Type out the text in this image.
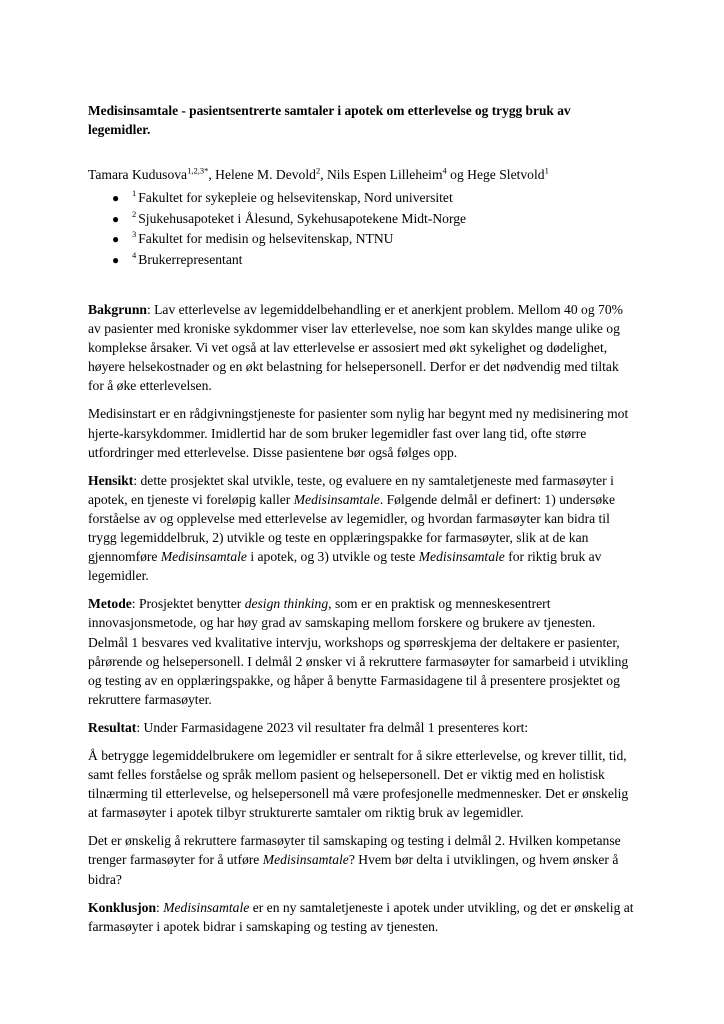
Medisinsamtale - pasientsentrerte samtaler i apotek om etterlevelse og trygg bruk av legemidler.
Tamara Kudusova$^{1,2,3*}$, Helene M. Devold$^2$, Nils Espen Lilleheim$^4$ og Hege Sletvold$^1$
● $^1$ Fakultet for sykepleie og helsevitenskap, Nord universitet
● $^2$ Sjukehusapoteket i Ålesund, Sykehusapotekene Midt-Norge
● $^3$ Fakultet for medisin og helsevitenskap, NTNU
● $^4$ Brukerrepresentant

Bakgrunn: Lav etterlevelse av legemiddelbehandling er et anerkjent problem. Mellom 40 og 70% av pasienter med kroniske sykdommer viser lav etterlevelse, noe som kan skyldes mange ulike og komplekse årsaker. Vi vet også at lav etterlevelse er assosiert med økt sykelighet og dødelighet, høyere helsekostnader og en økt belastning for helsepersonell. Derfor er det nødvendig med tiltak for å øke etterlevelsen.

Medisinstart er en rådgivningstjeneste for pasienter som nylig har begynt med ny medisinering mot hjerte-karsykdommer. Imidlertid har de som bruker legemidler fast over lang tid, ofte større utfordringer med etterlevelse. Disse pasientene bør også følges opp.

Hensikt: dette prosjektet skal utvikle, teste, og evaluere en ny samtaletjeneste med farmasøyter i apotek, en tjeneste vi foreløpig kaller Medisinsamtale. Følgende delmål er definert: 1) undersøke forståelse av og opplevelse med etterlevelse av legemidler, og hvordan farmasøyter kan bidra til trygg legemiddelbruk, 2) utvikle og teste en opplæringspakke for farmasøyter, slik at de kan gjennomføre Medisinsamtale i apotek, og 3) utvikle og teste Medisinsamtale for riktig bruk av legemidler.

Metode: Prosjektet benytter design thinking, som er en praktisk og menneskesentrert innovasjonsmetode, og har høy grad av samskaping mellom forskere og brukere av tjenesten. Delmål 1 besvares ved kvalitative intervju, workshops og spørreskjema der deltakere er pasienter, pårørende og helsepersonell. I delmål 2 ønsker vi å rekruttere farmasøyter for samarbeid i utvikling og testing av en opplæringspakke, og håper å benytte Farmasidagene til å presentere prosjektet og rekruttere farmasøyter.

Resultat: Under Farmasidagene 2023 vil resultater fra delmål 1 presenteres kort:

Å betrygge legemiddelbrukere om legemidler er sentralt for å sikre etterlevelse, og krever tillit, tid, samt felles forståelse og språk mellom pasient og helsepersonell. Det er viktig med en holistisk tilnærming til etterlevelse, og helsepersonell må være profesjonelle medmennesker. Det er ønskelig at farmasøyter i apotek tilbyr strukturerte samtaler om riktig bruk av legemidler.

Det er ønskelig å rekruttere farmasøyter til samskaping og testing i delmål 2. Hvilken kompetanse trenger farmasøyter for å utføre Medisinsamtale? Hvem bør delta i utviklingen, og hvem ønsker å bidra?

Konklusjon: Medisinsamtale er en ny samtaletjeneste i apotek under utvikling, og det er ønskelig at farmasøyter i apotek bidrar i samskaping og testing av tjenesten.
